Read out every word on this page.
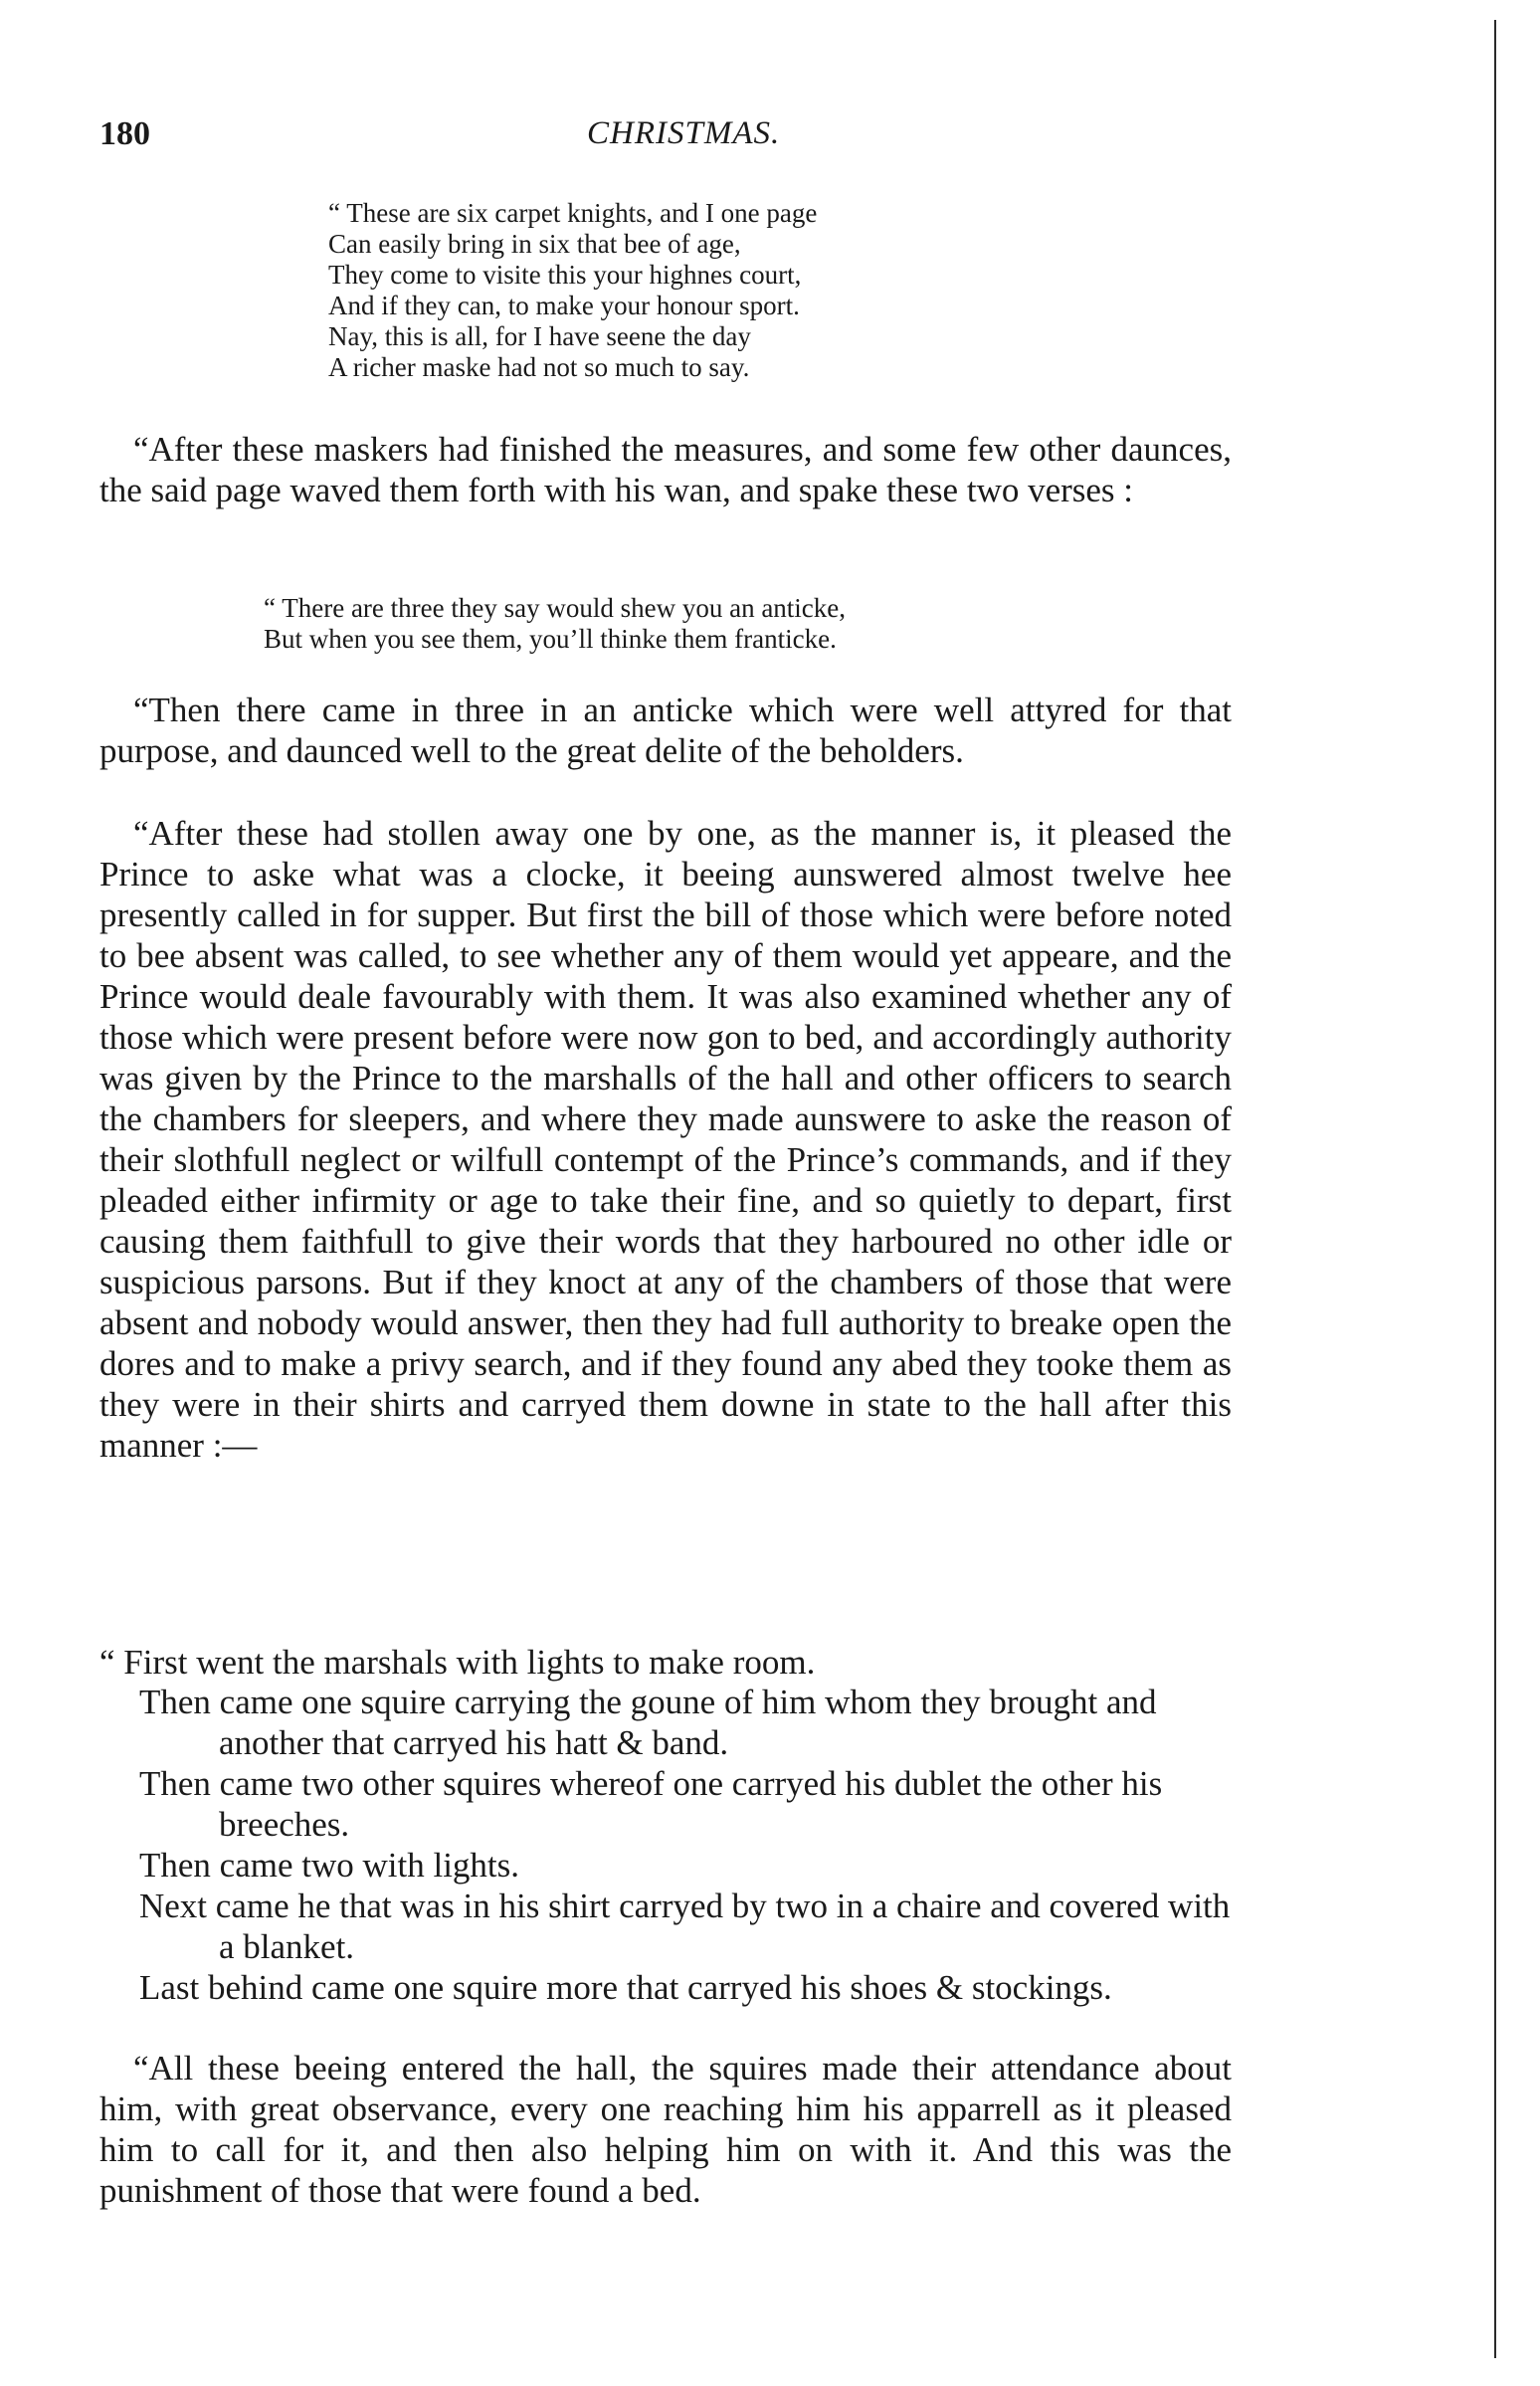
180	CHRISTMAS.
“ These are six carpet knights, and I one page
Can easily bring in six that bee of age,
They come to visite this your highnes court,
And if they can, to make your honour sport.
Nay, this is all, for I have seene the day
A richer maske had not so much to say.

“After these maskers had finished the measures, and some few other daunces, the said page waved them forth with his wan, and spake these two verses :

“ There are three they say would shew you an anticke,
But when you see them, you’ll thinke them franticke.

“Then there came in three in an anticke which were well attyred for that purpose, and daunced well to the great delite of the beholders.

“After these had stollen away one by one, as the manner is, it pleased the Prince to aske what was a clocke, it beeing aunswered almost twelve hee presently called in for supper. But first the bill of those which were before noted to bee absent was called, to see whether any of them would yet appeare, and the Prince would deale favourably with them. It was also examined whether any of those which were present before were now gon to bed, and accordingly authority was given by the Prince to the marshalls of the hall and other officers to search the chambers for sleepers, and where they made aunswere to aske the reason of their slothfull neglect or wilfull contempt of the Prince’s commands, and if they pleaded either infirmity or age to take their fine, and so quietly to depart, first causing them faithfull to give their words that they harboured no other idle or suspicious parsons. But if they knoct at any of the chambers of those that were absent and nobody would answer, then they had full authority to breake open the dores and to make a privy search, and if they found any abed they tooke them as they were in their shirts and carryed them downe in state to the hall after this manner :—

“ First went the marshals with lights to make room.

Then came one squire carrying the goune of him whom they brought and another that carryed his hatt & band.
Then came two other squires whereof one carryed his dublet the other his breeches.
Then came two with lights.
Next came he that was in his shirt carryed by two in a chaire and covered with a blanket.
Last behind came one squire more that carryed his shoes & stockings.

“All these beeing entered the hall, the squires made their attendance about him, with great observance, every one reaching him his apparrell as it pleased him to call for it, and then also helping him on with it. And this was the punishment of those that were found a bed.
